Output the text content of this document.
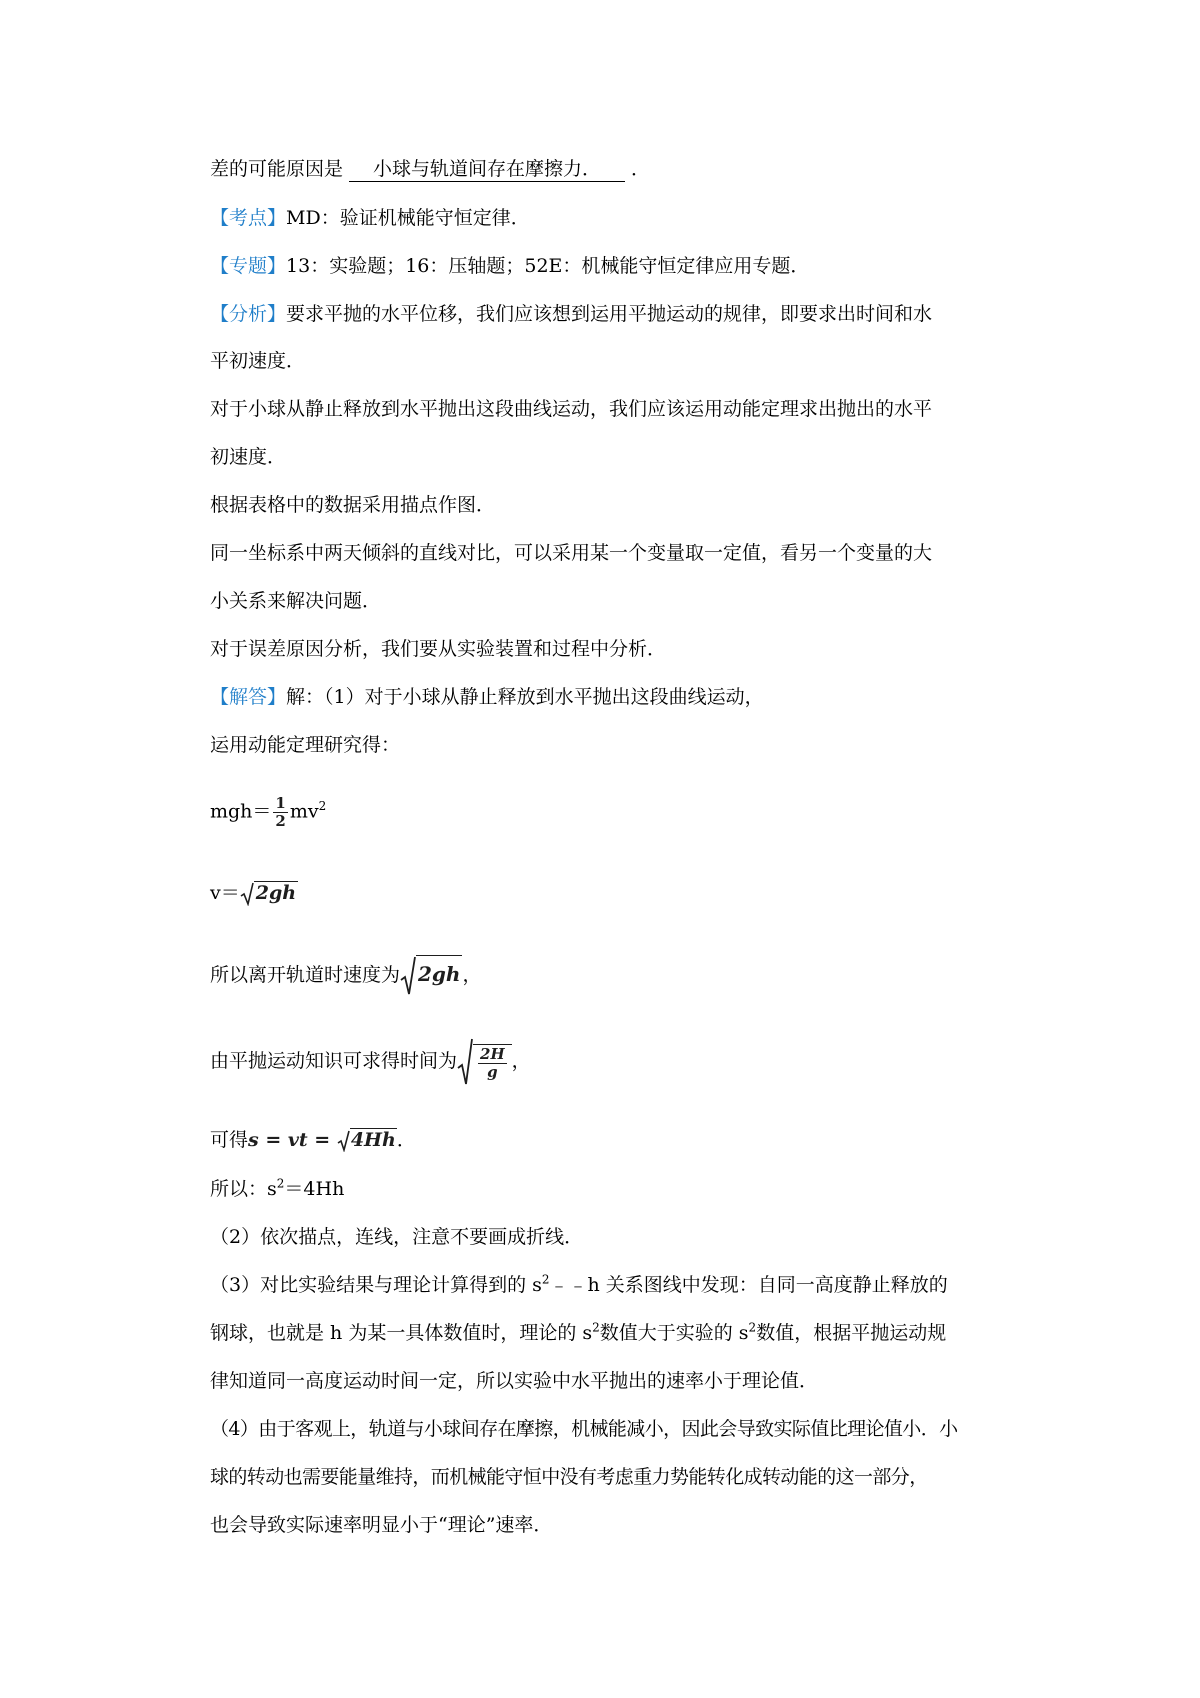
差的可能原因是 小球与轨道间存在摩擦力． ．
【考点】MD：验证机械能守恒定律．
【专题】13：实验题；16：压轴题；52E：机械能守恒定律应用专题．
【分析】要求平抛的水平位移，我们应该想到运用平抛运动的规律，即要求出时间和水
平初速度．
对于小球从静止释放到水平抛出这段曲线运动，我们应该运用动能定理求出抛出的水平
初速度．
根据表格中的数据采用描点作图．
同一坐标系中两天倾斜的直线对比，可以采用某一个变量取一定值，看另一个变量的大
小关系来解决问题．
对于误差原因分析，我们要从实验装置和过程中分析．
【解答】解：（1）对于小球从静止释放到水平抛出这段曲线运动，
运用动能定理研究得：
$mgh= \frac{1}{2} mv^2$
v＝ 2gh
所以离开轨道时速度为 2gh ，
由平抛运动知识可求得时间为 $\frac{2H}{g}$ ，
可得s = vt = 4Hh．
所以：$s^2=4Hh$
（2）依次描点，连线，注意不要画成折线．
（3）对比实验结果与理论计算得到的 $s^2﹣﹣h$ 关系图线中发现：自同一高度静止释放的
钢球，也就是 h 为某一具体数值时，理论的 $s^2$数值大于实验的 $s^2$数值，根据平抛运动规
律知道同一高度运动时间一定，所以实验中水平抛出的速率小于理论值．
（4）由于客观上，轨道与小球间存在摩擦，机械能减小，因此会导致实际值比理论值小．小
球的转动也需要能量维持，而机械能守恒中没有考虑重力势能转化成转动能的这一部分，
也会导致实际速率明显小于“理论”速率．
